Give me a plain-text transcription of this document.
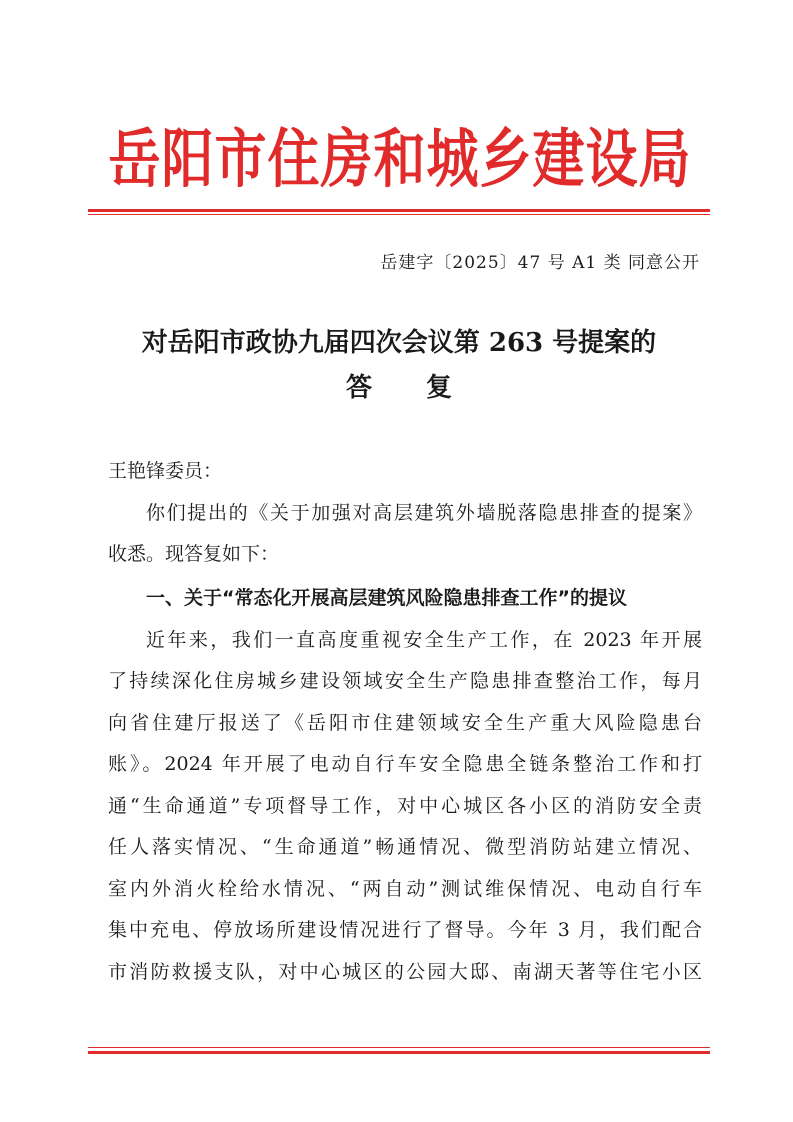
岳阳市住房和城乡建设局
岳建字〔2025〕47 号 A1 类 同意公开
对岳阳市政协九届四次会议第 263 号提案的
答复
王艳锋委员：
你们提出的《关于加强对高层建筑外墙脱落隐患排查的提案》
收悉。现答复如下：
一、关于“常态化开展高层建筑风险隐患排查工作”的提议
近年来，我们一直高度重视安全生产工作，在 2023 年开展
了持续深化住房城乡建设领域安全生产隐患排查整治工作，每月
向省住建厅报送了《岳阳市住建领域安全生产重大风险隐患台
账》。2024 年开展了电动自行车安全隐患全链条整治工作和打
通“生命通道”专项督导工作，对中心城区各小区的消防安全责
任人落实情况、“生命通道”畅通情况、微型消防站建立情况、
室内外消火栓给水情况、“两自动”测试维保情况、电动自行车
集中充电、停放场所建设情况进行了督导。今年 3 月，我们配合
市消防救援支队，对中心城区的公园大邸、南湖天著等住宅小区
